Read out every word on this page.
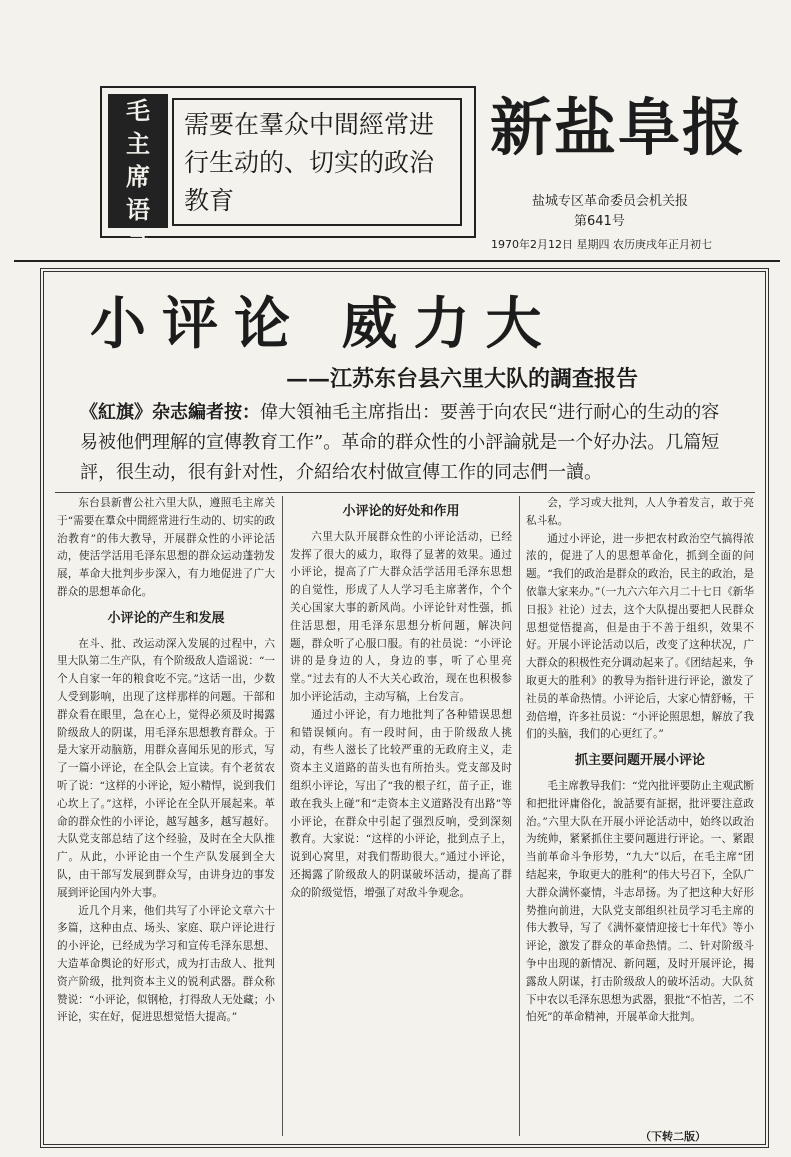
毛
主
席
语
录
需要在羣众中間經常进行生动的、切实的政治教育
新盐阜报
盐城专区革命委员会机关报
第641号
1970年2月12日 星期四 农历庚戌年正月初七
小评论 威力大
——江苏东台县六里大队的調查报告
《紅旗》杂志編者按：偉大領袖毛主席指出：要善于向农民“进行耐心的生动的容易被他們理解的宣傳教育工作”。革命的群众性的小評論就是一个好办法。几篇短評，很生动，很有針对性，介紹给农村做宣傳工作的同志們一讀。

东台县新曹公社六里大队，遵照毛主席关于“需要在羣众中間經常进行生动的、切实的政治教育”的伟大教导，开展群众性的小评论活动，使活学活用毛泽东思想的群众运动蓬勃发展，革命大批判步步深入，有力地促进了广大群众的思想革命化。

小评论的产生和发展

在斗、批、改运动深入发展的过程中，六里大队第二生产队，有个阶级敌人造谣说：“一个人自家一年的粮食吃不完。”这话一出，少数人受到影响，出现了这样那样的问题。干部和群众看在眼里，急在心上，觉得必须及时揭露阶级敌人的阴谋，用毛泽东思想教育群众。于是大家开动脑筋，用群众喜闻乐见的形式，写了一篇小评论，在全队会上宣读。有个老贫农听了说：“这样的小评论，短小精悍，说到我们心坎上了。”这样，小评论在全队开展起来。革命的群众性的小评论，越写越多，越写越好。大队党支部总结了这个经验，及时在全大队推广。从此，小评论由一个生产队发展到全大队，由干部写发展到群众写，由讲身边的事发展到评论国内外大事。

近几个月来，他们共写了小评论文章六十多篇，这种由点、场头、家庭、联户评论进行的小评论，已经成为学习和宣传毛泽东思想、大造革命舆论的好形式，成为打击敌人、批判资产阶级，批判资本主义的锐利武器。群众称赞说：“小评论，似钢枪，打得敌人无处藏；小评论，实在好，促进思想觉悟大提高。”

小评论的好处和作用

六里大队开展群众性的小评论活动，已经发挥了很大的威力，取得了显著的效果。通过小评论，提高了广大群众活学活用毛泽东思想的自觉性，形成了人人学习毛主席著作，个个关心国家大事的新风尚。小评论针对性强，抓住活思想，用毛泽东思想分析问题，解决问题，群众听了心服口服。有的社员说：“小评论讲的是身边的人，身边的事，听了心里亮堂。”过去有的人不大关心政治，现在也积极参加小评论活动，主动写稿，上台发言。

通过小评论，有力地批判了各种错误思想和错误倾向。有一段时间，由于阶级敌人挑动，有些人滋长了比较严重的无政府主义，走资本主义道路的苗头也有所抬头。党支部及时组织小评论，写出了“我的根子红，苗子正，谁敢在我头上碰”和“走资本主义道路没有出路”等小评论，在群众中引起了强烈反响，受到深刻教育。大家说：“这样的小评论，批到点子上，说到心窝里，对我们帮助很大。”通过小评论，还揭露了阶级敌人的阴谋破坏活动，提高了群众的阶级觉悟，增强了对敌斗争观念。

会，学习或大批判，人人争着发言，敢于亮私斗私。

通过小评论，进一步把农村政治空气搞得浓浓的，促进了人的思想革命化，抓到全面的问题。“我们的政治是群众的政治，民主的政治，是依靠大家来办。”（一九六六年六月二十七日《新华日报》社论）过去，这个大队提出要把人民群众思想觉悟提高，但是由于不善于组织，效果不好。开展小评论活动以后，改变了这种状况，广大群众的积极性充分调动起来了。《团结起来，争取更大的胜利》的教导为指针进行评论，激发了社员的革命热情。小评论后，大家心情舒畅，干劲倍增，许多社员说：“小评论照思想，解放了我们的头脑，我们的心更红了。”

抓主要问题开展小评论

毛主席教导我们：“党內批评要防止主观武断和把批评庸俗化，說話要有証据，批评要注意政治。”六里大队在开展小评论活动中，始终以政治为统帅，紧紧抓住主要问题进行评论。一、紧跟当前革命斗争形势，“九大”以后，在毛主席“团结起来，争取更大的胜利”的伟大号召下，全队广大群众满怀豪情，斗志昂扬。为了把这种大好形势推向前进，大队党支部组织社员学习毛主席的伟大教导，写了《满怀豪情迎接七十年代》等小评论，激发了群众的革命热情。二、针对阶级斗争中出现的新情况、新问题，及时开展评论，揭露敌人阴谋，打击阶级敌人的破坏活动。大队贫下中农以毛泽东思想为武器，狠批“不怕苦，二不怕死”的革命精神，开展革命大批判。

（下转二版）
